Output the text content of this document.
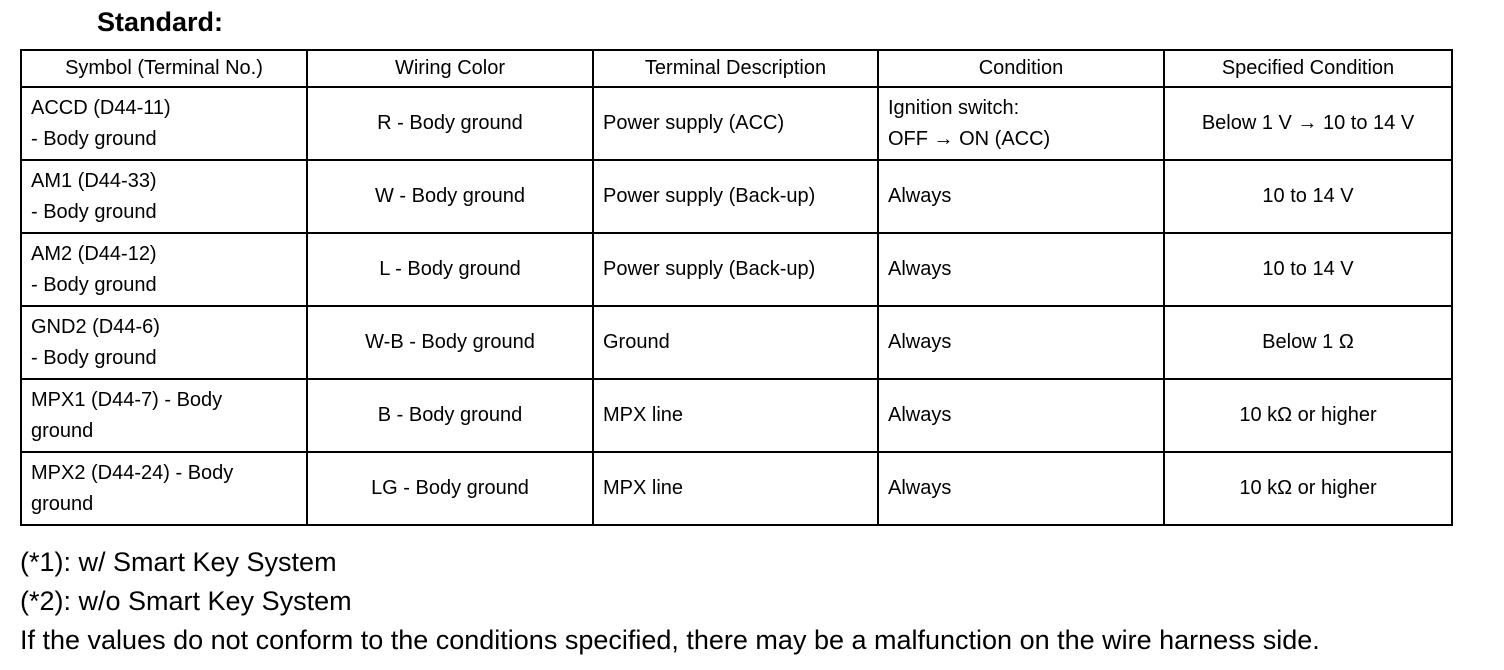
Standard:
Symbol (Terminal No.)	Wiring Color	Terminal Description	Condition	Specified Condition

ACCD (D44-11)
- Body ground	R - Body ground	Power supply (ACC)	Ignition switch:
OFF → ON (ACC)	Below 1 V → 10 to 14 V

AM1 (D44-33)
- Body ground	W - Body ground	Power supply (Back-up)	Always	10 to 14 V

AM2 (D44-12)
- Body ground	L - Body ground	Power supply (Back-up)	Always	10 to 14 V

GND2 (D44-6)
- Body ground	W-B - Body ground	Ground	Always	Below 1 Ω

MPX1 (D44-7) - Body
ground	B - Body ground	MPX line	Always	10 kΩ or higher

MPX2 (D44-24) - Body
ground	LG - Body ground	MPX line	Always	10 kΩ or higher
(*1): w/ Smart Key System
(*2): w/o Smart Key System
If the values do not conform to the conditions specified, there may be a malfunction on the wire harness side.
